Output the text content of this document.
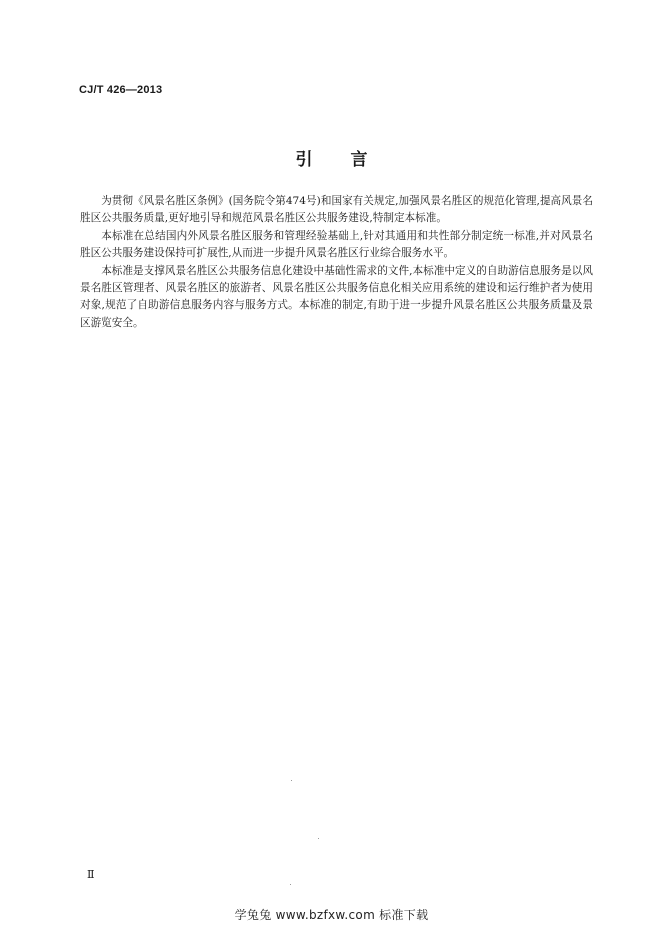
CJ/T 426—2013
引言

为贯彻《风景名胜区条例》(国务院令第474号)和国家有关规定,加强风景名胜区的规范化管理,提高风景名胜区公共服务质量,更好地引导和规范风景名胜区公共服务建设,特制定本标准。

本标准在总结国内外风景名胜区服务和管理经验基础上,针对其通用和共性部分制定统一标准,并对风景名胜区公共服务建设保持可扩展性,从而进一步提升风景名胜区行业综合服务水平。

本标准是支撑风景名胜区公共服务信息化建设中基础性需求的文件,本标准中定义的自助游信息服务是以风景名胜区管理者、风景名胜区的旅游者、风景名胜区公共服务信息化相关应用系统的建设和运行维护者为使用对象,规范了自助游信息服务内容与服务方式。本标准的制定,有助于进一步提升风景名胜区公共服务质量及景区游览安全。

Ⅱ
学兔兔 www.bzfxw.com 标准下载
